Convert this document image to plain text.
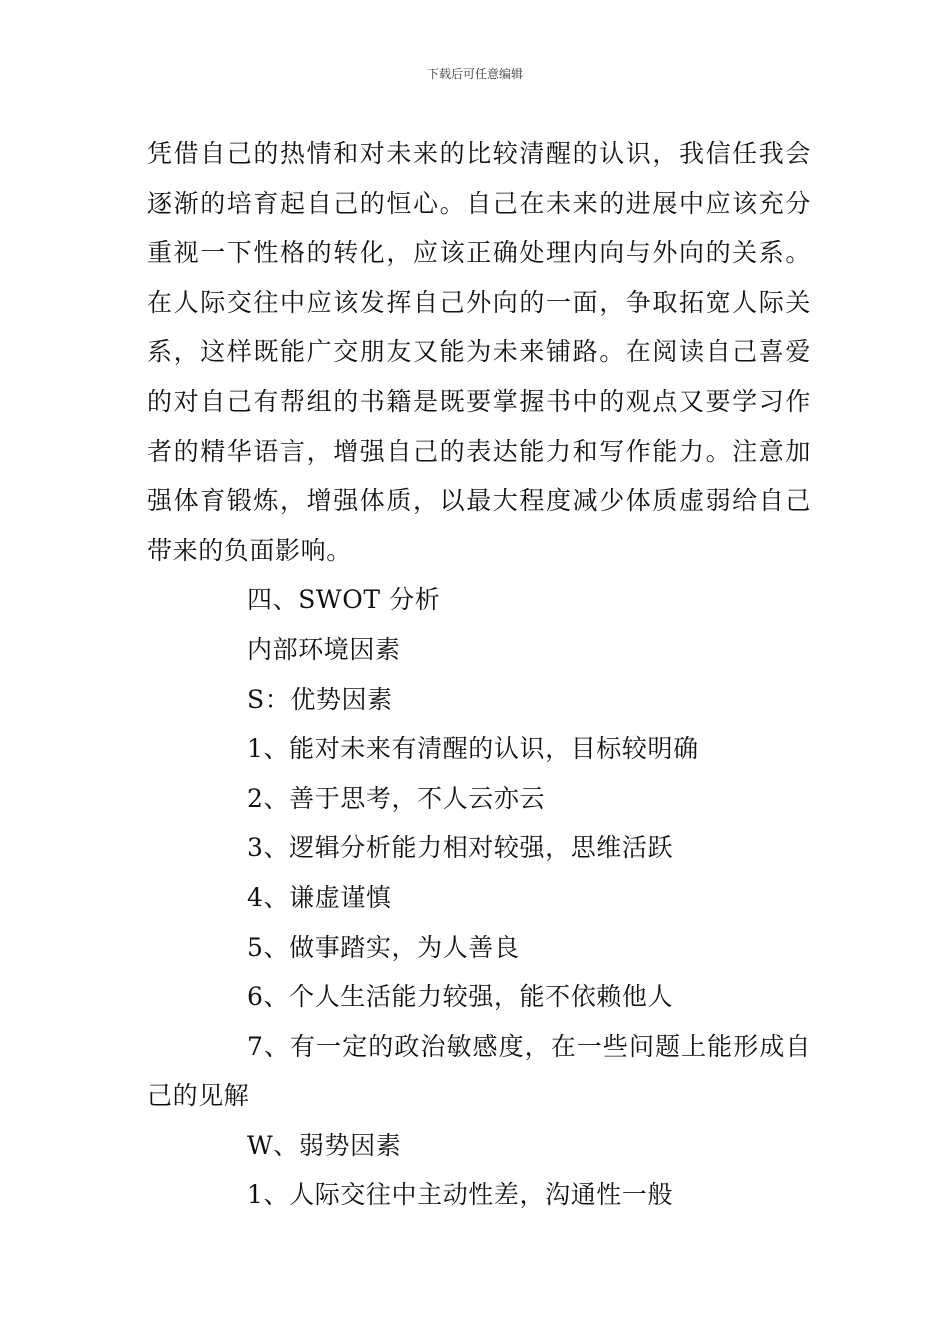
下载后可任意编辑
凭借自己的热情和对未来的比较清醒的认识，我信任我会
逐渐的培育起自己的恒心。自己在未来的进展中应该充分
重视一下性格的转化，应该正确处理内向与外向的关系。
在人际交往中应该发挥自己外向的一面，争取拓宽人际关
系，这样既能广交朋友又能为未来铺路。在阅读自己喜爱
的对自己有帮组的书籍是既要掌握书中的观点又要学习作
者的精华语言，增强自己的表达能力和写作能力。注意加
强体育锻炼，增强体质，以最大程度减少体质虚弱给自己
带来的负面影响。

四、SWOT 分析

内部环境因素

S：优势因素

1、能对未来有清醒的认识，目标较明确

2、善于思考，不人云亦云

3、逻辑分析能力相对较强，思维活跃

4、谦虚谨慎

5、做事踏实，为人善良

6、个人生活能力较强，能不依赖他人

7、有一定的政治敏感度，在一些问题上能形成自
己的见解

W、弱势因素

1、人际交往中主动性差，沟通性一般
